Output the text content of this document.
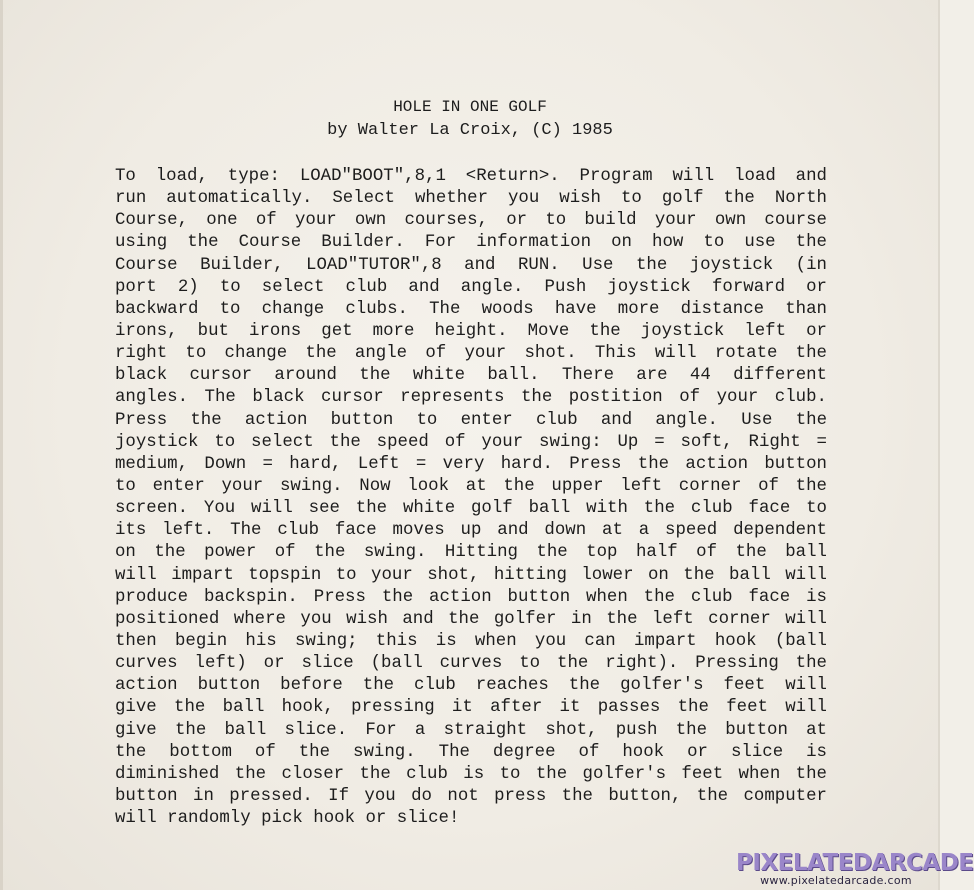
HOLE IN ONE GOLF
by Walter La Croix, (C) 1985
To load, type: LOAD"BOOT",8,1 <Return>. Program will load and
run automatically. Select whether you wish to golf the North
Course, one of your own courses, or to build your own course
using the Course Builder. For information on how to use the
Course Builder, LOAD"TUTOR",8 and RUN. Use the joystick (in
port 2) to select club and angle. Push joystick forward or
backward to change clubs. The woods have more distance than
irons, but irons get more height. Move the joystick left or
right to change the angle of your shot. This will rotate the
black cursor around the white ball. There are 44 different
angles. The black cursor represents the postition of your club.
Press the action button to enter club and angle. Use the
joystick to select the speed of your swing: Up = soft, Right =
medium, Down = hard, Left = very hard. Press the action button
to enter your swing. Now look at the upper left corner of the
screen. You will see the white golf ball with the club face to
its left. The club face moves up and down at a speed dependent
on the power of the swing. Hitting the top half of the ball
will impart topspin to your shot, hitting lower on the ball will
produce backspin. Press the action button when the club face is
positioned where you wish and the golfer in the left corner will
then begin his swing; this is when you can impart hook (ball
curves left) or slice (ball curves to the right). Pressing the
action button before the club reaches the golfer's feet will
give the ball hook, pressing it after it passes the feet will
give the ball slice. For a straight shot, push the button at
the bottom of the swing. The degree of hook or slice is
diminished the closer the club is to the golfer's feet when the
button in pressed. If you do not press the button, the computer
will randomly pick hook or slice!
PIXELATEDARCADE
www.pixelatedarcade.com
